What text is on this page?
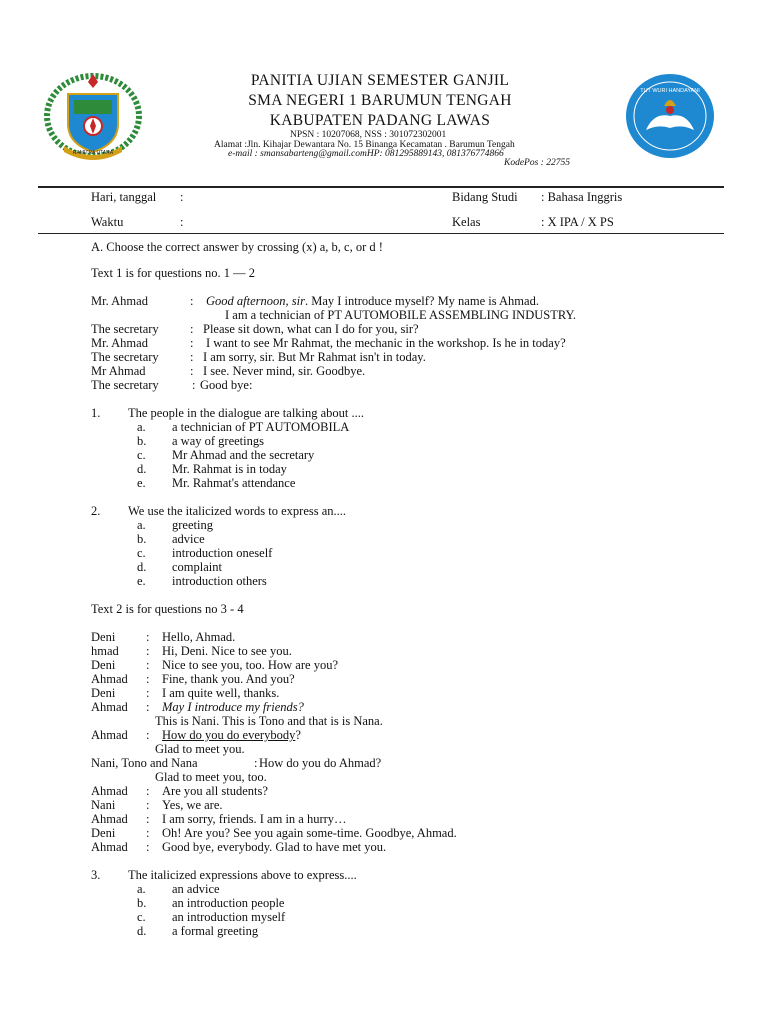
RAMITRA UTARA
TUT WURI HANDAYANI
PANITIA UJIAN SEMESTER GANJIL
SMA NEGERI 1 BARUMUN TENGAH
KABUPATEN PADANG LAWAS
NPSN : 10207068, NSS : 301072302001
Alamat :Jln. Kihajar Dewantara No. 15 Binanga Kecamatan . Barumun Tengah
e-mail : smansabarteng@gmail.comHP: 081295889143, 081376774866
KodePos : 22755
Hari, tanggal :
Waktu	:
Bidang Studi : Bahasa Inggris
Kelas	: X IPA / X PS
A. Choose the correct answer by crossing (x) a, b, c, or d !
Text 1 is for questions no. 1 — 2
Mr. Ahmad	: Good afternoon, sir. May I introduce myself? My name is Ahmad.
I am a technician of PT AUTOMOBILE ASSEMBLING INDUSTRY.
The secretary	: Please sit down, what can I do for you, sir?
Mr. Ahmad	: I want to see Mr Rahmat, the mechanic in the workshop. Is he in today?
The secretary	: I am sorry, sir. But Mr Rahmat isn't in today.
Mr Ahmad	: I see. Never mind, sir. Goodbye.
The secretary	: Good bye:
1. The people in the dialogue are talking about ....
a. a technician of PT AUTOMOBILA
b. a way of greetings
c. Mr Ahmad and the secretary
d. Mr. Rahmat is in today
e. Mr. Rahmat's attendance
2. We use the italicized words to express an....
a. greeting
b. advice
c. introduction oneself
d. complaint
e. introduction others
Text 2 is for questions no 3 - 4
Deni : Hello, Ahmad.
hmad : Hi, Deni. Nice to see you.
Deni : Nice to see you, too. How are you?
Ahmad : Fine, thank you. And you?
Deni : I am quite well, thanks.
Ahmad : May I introduce my friends?
This is Nani. This is Tono and that is is Nana.
Ahmad : How do you do everybody?
Glad to meet you.
Nani, Tono and Nana	: How do you do Ahmad?
Glad to meet you, too.
Ahmad : Are you all students?
Nani : Yes, we are.
Ahmad : I am sorry, friends. I am in a hurry…
Deni : Oh! Are you? See you again some-time. Goodbye, Ahmad.
Ahmad : Good bye, everybody. Glad to have met you.
3. The italicized expressions above to express....
a. an advice
b. an introduction people
c. an introduction myself
d. a formal greeting
